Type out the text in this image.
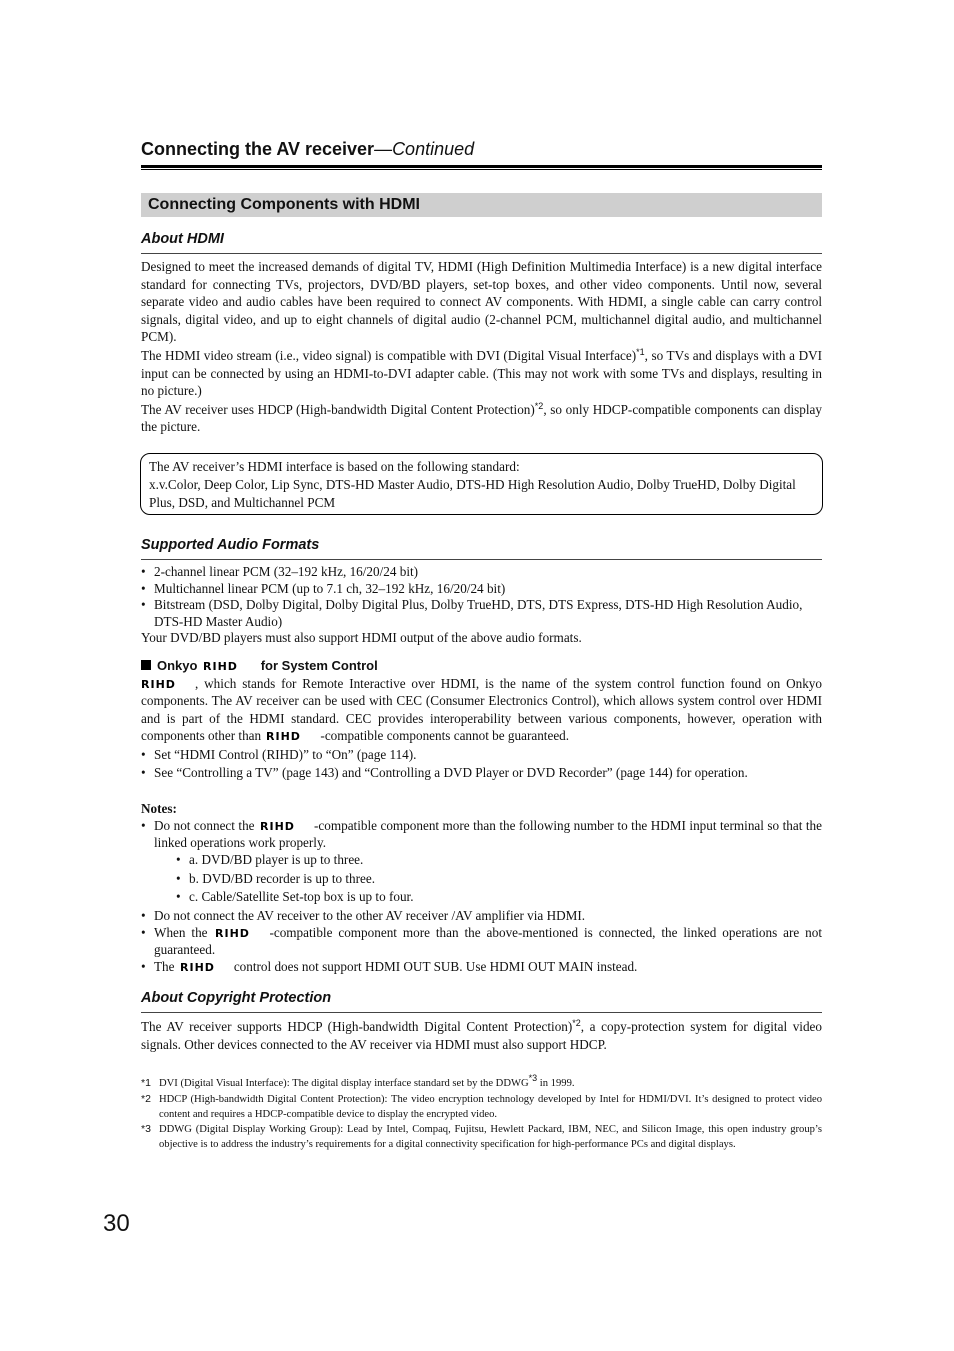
Connecting the AV receiver—Continued
Connecting Components with HDMI
About HDMI

Designed to meet the increased demands of digital TV, HDMI (High Definition Multimedia Interface) is a new digital interface standard for connecting TVs, projectors, DVD/BD players, set-top boxes, and other video components. Until now, several separate video and audio cables have been required to connect AV components. With HDMI, a single cable can carry control signals, digital video, and up to eight channels of digital audio (2-channel PCM, multichannel digital audio, and multichannel PCM).

The HDMI video stream (i.e., video signal) is compatible with DVI (Digital Visual Interface)$^{*1}$, so TVs and displays with a DVI input can be connected by using an HDMI-to-DVI adapter cable. (This may not work with some TVs and displays, resulting in no picture.)

The AV receiver uses HDCP (High-bandwidth Digital Content Protection)$^{*2}$, so only HDCP-compatible components can display the picture.

The AV receiver’s HDMI interface is based on the following standard:
x.v.Color, Deep Color, Lip Sync, DTS-HD Master Audio, DTS-HD High Resolution Audio, Dolby TrueHD, Dolby Digital Plus, DSD, and Multichannel PCM
Supported Audio Formats
• 2-channel linear PCM (32–192 kHz, 16/20/24 bit)
• Multichannel linear PCM (up to 7.1 ch, 32–192 kHz, 16/20/24 bit)
• Bitstream (DSD, Dolby Digital, Dolby Digital Plus, Dolby TrueHD, DTS, DTS Express, DTS-HD High Resolution Audio, DTS-HD Master Audio)

Your DVD/BD players must also support HDMI output of the above audio formats.

Onkyo RIHD for System Control

RIHD , which stands for Remote Interactive over HDMI, is the name of the system control function found on Onkyo components. The AV receiver can be used with CEC (Consumer Electronics Control), which allows system control over HDMI and is part of the HDMI standard. CEC provides interoperability between various components, however, operation with components other than RIHD -compatible components cannot be guaranteed.

• Set “HDMI Control (RIHD)” to “On” (page 114).
• See “Controlling a TV” (page 143) and “Controlling a DVD Player or DVD Recorder” (page 144) for operation.
Notes:
• Do not connect the RIHD -compatible component more than the following number to the HDMI input terminal so that the linked operations work properly.
• a. DVD/BD player is up to three.
• b. DVD/BD recorder is up to three.
• c. Cable/Satellite Set-top box is up to four.
• Do not connect the AV receiver to the other AV receiver /AV amplifier via HDMI.
• When the RIHD -compatible component more than the above-mentioned is connected, the linked operations are not guaranteed.
• The RIHD control does not support HDMI OUT SUB. Use HDMI OUT MAIN instead.
About Copyright Protection

The AV receiver supports HDCP (High-bandwidth Digital Content Protection)$^{*2}$, a copy-protection system for digital video signals. Other devices connected to the AV receiver via HDMI must also support HDCP.

*1 DVI (Digital Visual Interface): The digital display interface standard set by the DDWG$^{*3}$ in 1999.
*2 HDCP (High-bandwidth Digital Content Protection): The video encryption technology developed by Intel for HDMI/DVI. It’s designed to protect video content and requires a HDCP-compatible device to display the encrypted video.
*3 DDWG (Digital Display Working Group): Lead by Intel, Compaq, Fujitsu, Hewlett Packard, IBM, NEC, and Silicon Image, this open industry group’s objective is to address the industry’s requirements for a digital connectivity specification for high-performance PCs and digital displays.
30
